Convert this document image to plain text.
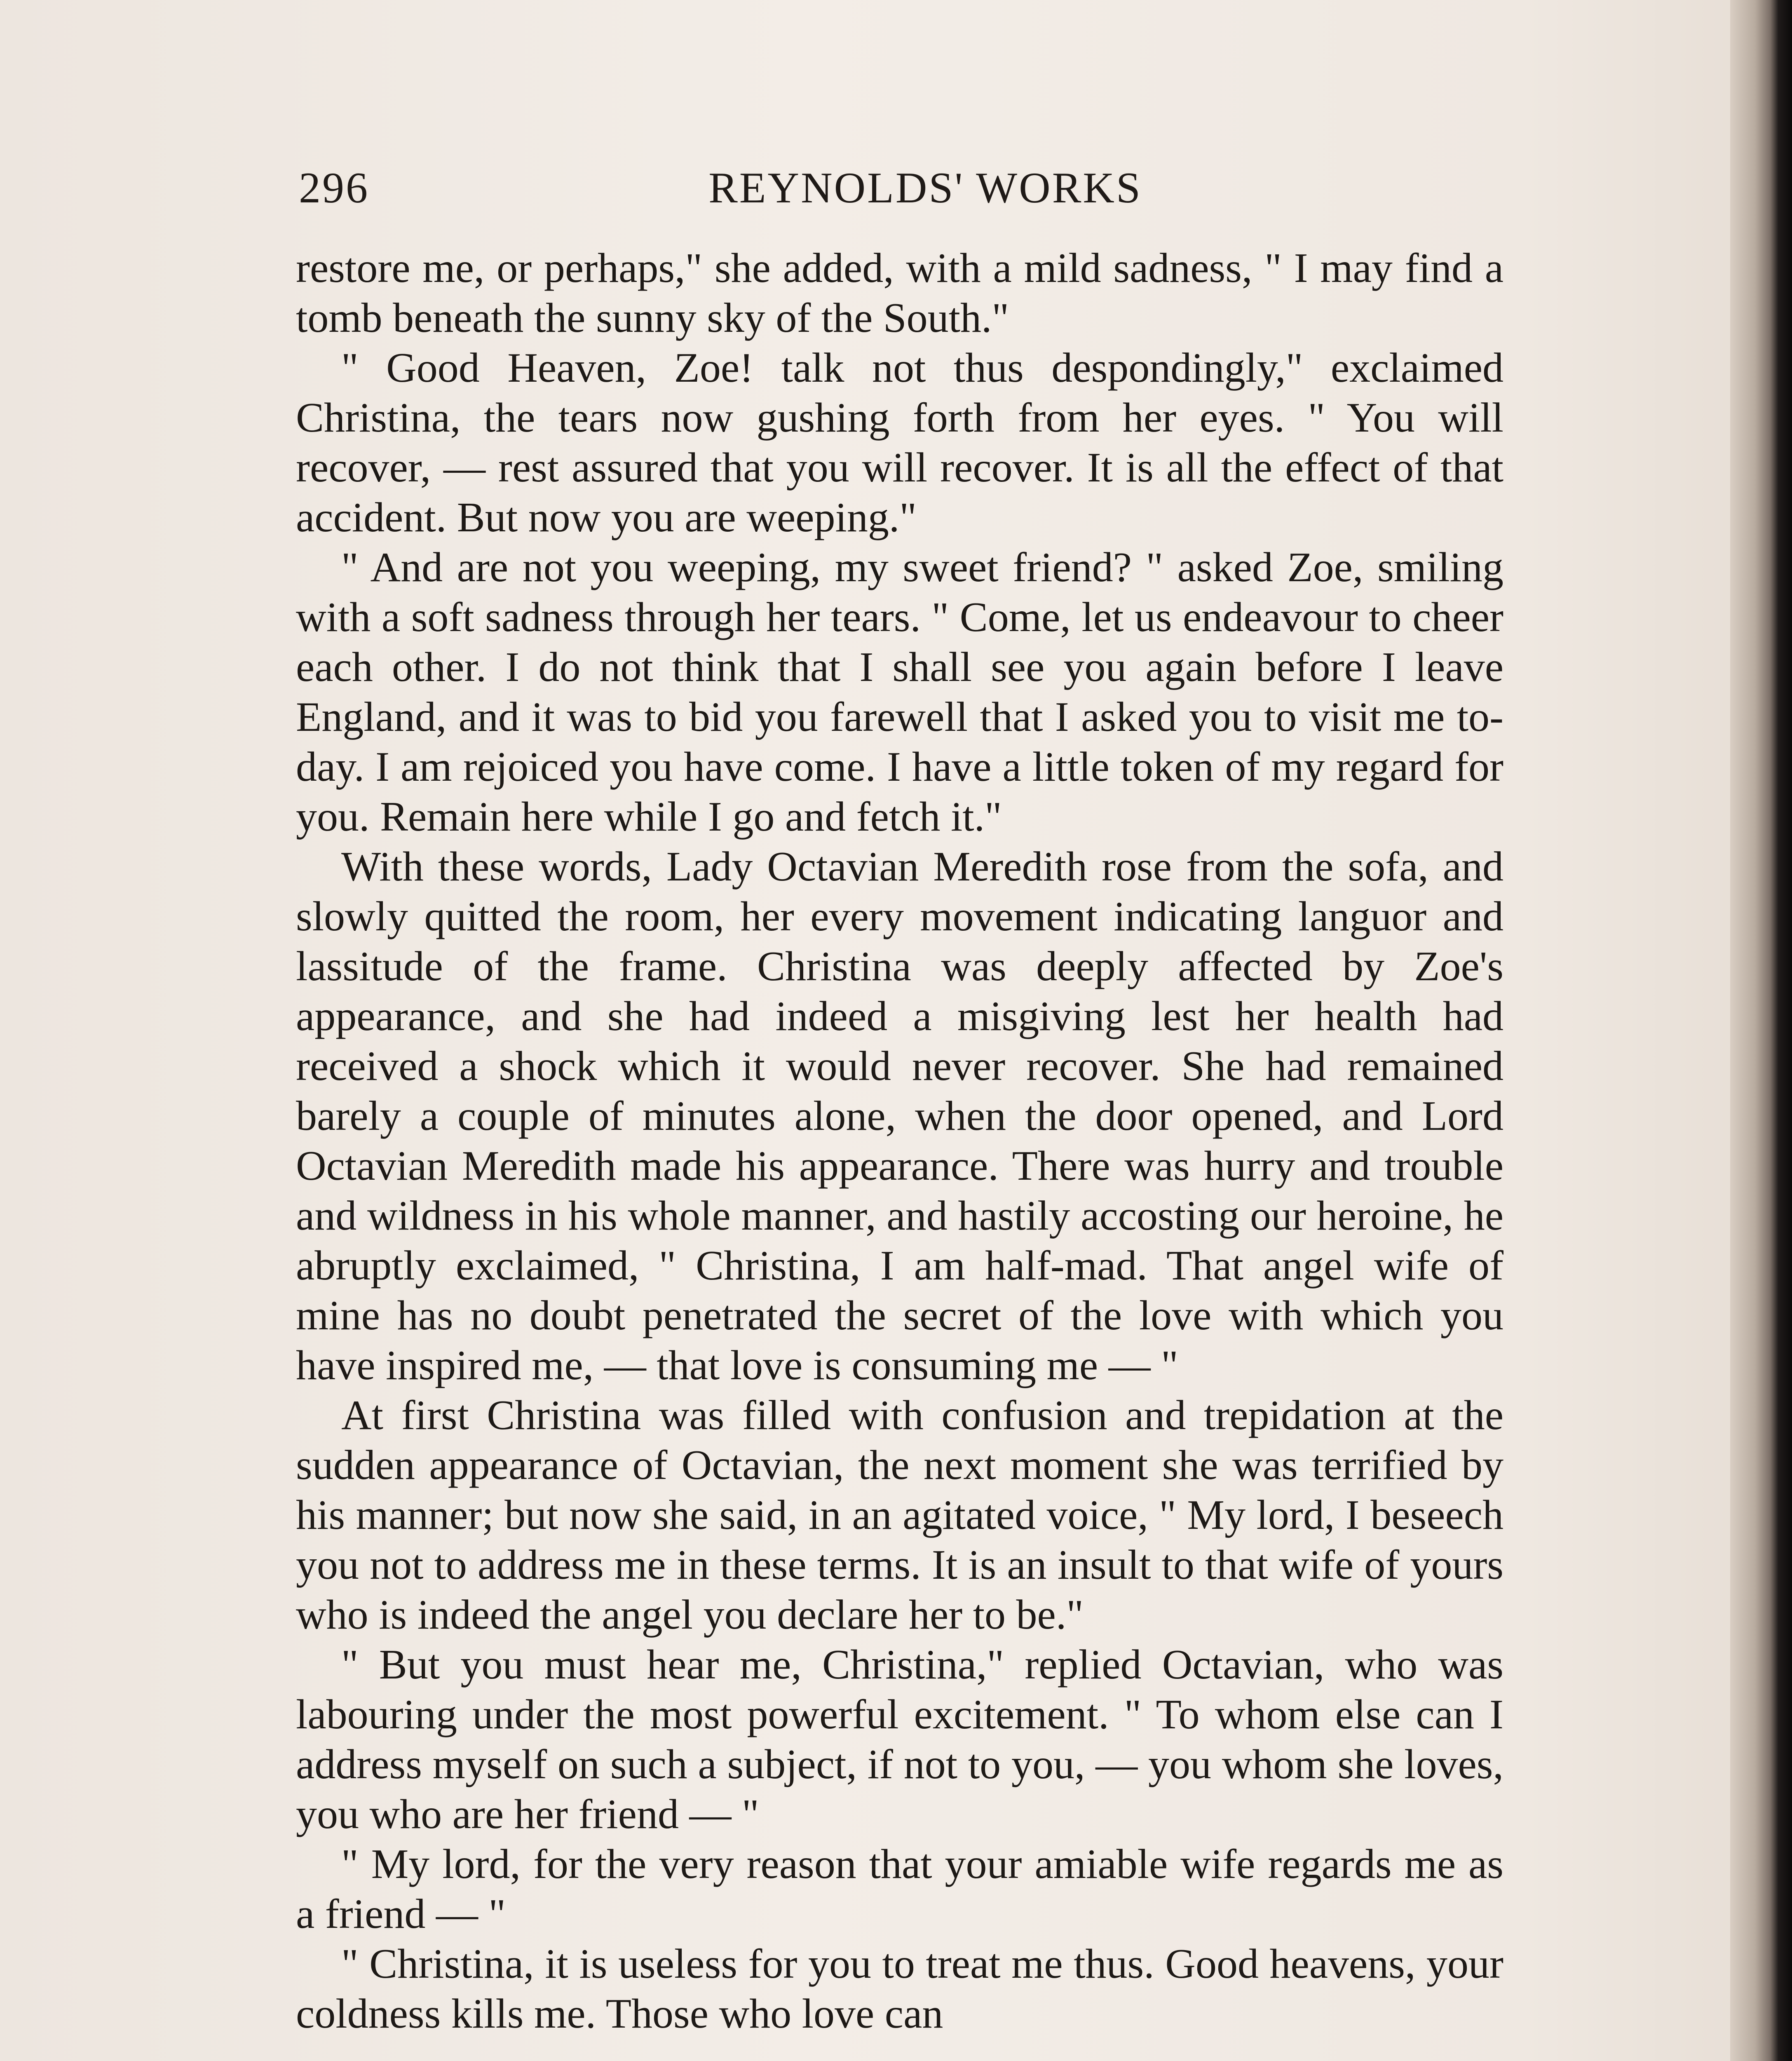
296	REYNOLDS' WORKS

restore me, or perhaps," she added, with a mild sadness, " I may find a tomb beneath the sunny sky of the South."

" Good Heaven, Zoe! talk not thus despondingly," exclaimed Christina, the tears now gushing forth from her eyes. " You will recover, — rest assured that you will recover. It is all the effect of that accident. But now you are weeping."

" And are not you weeping, my sweet friend? " asked Zoe, smiling with a soft sadness through her tears. " Come, let us endeavour to cheer each other. I do not think that I shall see you again before I leave England, and it was to bid you farewell that I asked you to visit me to-day. I am rejoiced you have come. I have a little token of my regard for you. Remain here while I go and fetch it."

With these words, Lady Octavian Meredith rose from the sofa, and slowly quitted the room, her every movement indicating languor and lassitude of the frame. Christina was deeply affected by Zoe's appearance, and she had indeed a misgiving lest her health had received a shock which it would never recover. She had remained barely a couple of minutes alone, when the door opened, and Lord Octavian Meredith made his appearance. There was hurry and trouble and wildness in his whole manner, and hastily accosting our heroine, he abruptly exclaimed, " Christina, I am half-mad. That angel wife of mine has no doubt penetrated the secret of the love with which you have inspired me, — that love is consuming me — "

At first Christina was filled with confusion and trepidation at the sudden appearance of Octavian, the next moment she was terrified by his manner; but now she said, in an agitated voice, " My lord, I beseech you not to address me in these terms. It is an insult to that wife of yours who is indeed the angel you declare her to be."

" But you must hear me, Christina," replied Octavian, who was labouring under the most powerful excitement. " To whom else can I address myself on such a subject, if not to you, — you whom she loves, you who are her friend — "

" My lord, for the very reason that your amiable wife regards me as a friend — "

" Christina, it is useless for you to treat me thus. Good heavens, your coldness kills me. Those who love can
